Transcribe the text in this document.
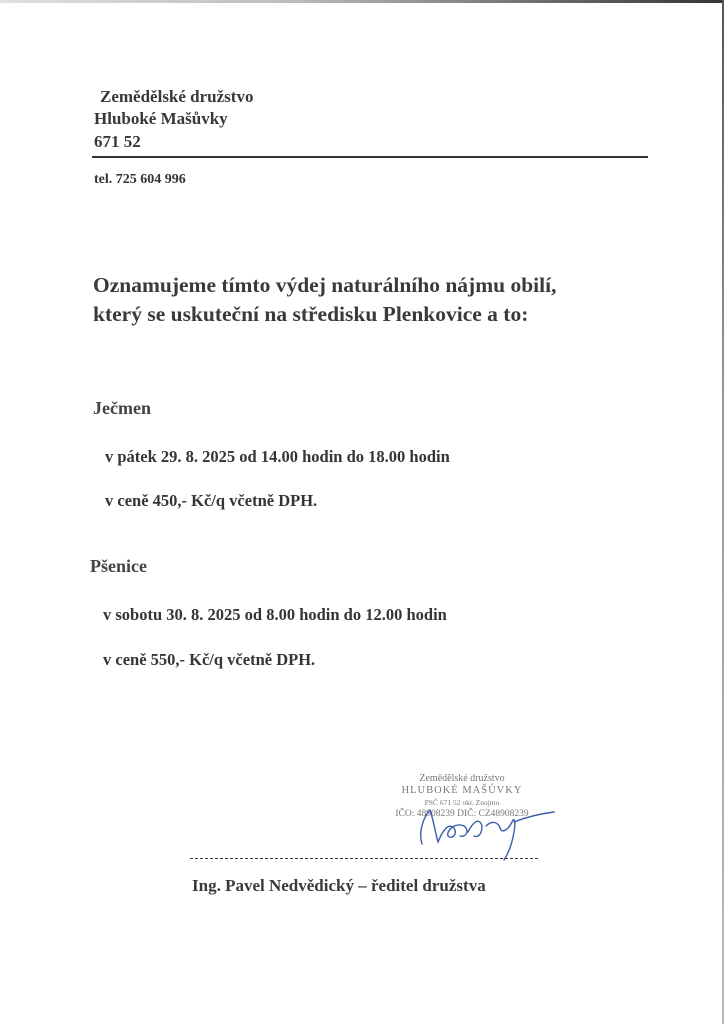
Zemědělské družstvo
Hluboké Mašůvky
671 52
tel. 725 604 996
Oznamujeme tímto výdej naturálního nájmu obilí,
který se uskuteční na středisku Plenkovice a to:
Ječmen
v pátek 29. 8. 2025 od 14.00 hodin do 18.00 hodin
v ceně 450,- Kč/q včetně DPH.
Pšenice
v sobotu 30. 8. 2025 od 8.00 hodin do 12.00 hodin
v ceně 550,- Kč/q včetně DPH.
Zemědělské družstvo
HLUBOKÉ MAŠŮVKY
PSČ 671 52 okr. Znojmo
IČO: 48908239 DIČ: CZ48908239
Ing. Pavel Nedvědický – ředitel družstva
